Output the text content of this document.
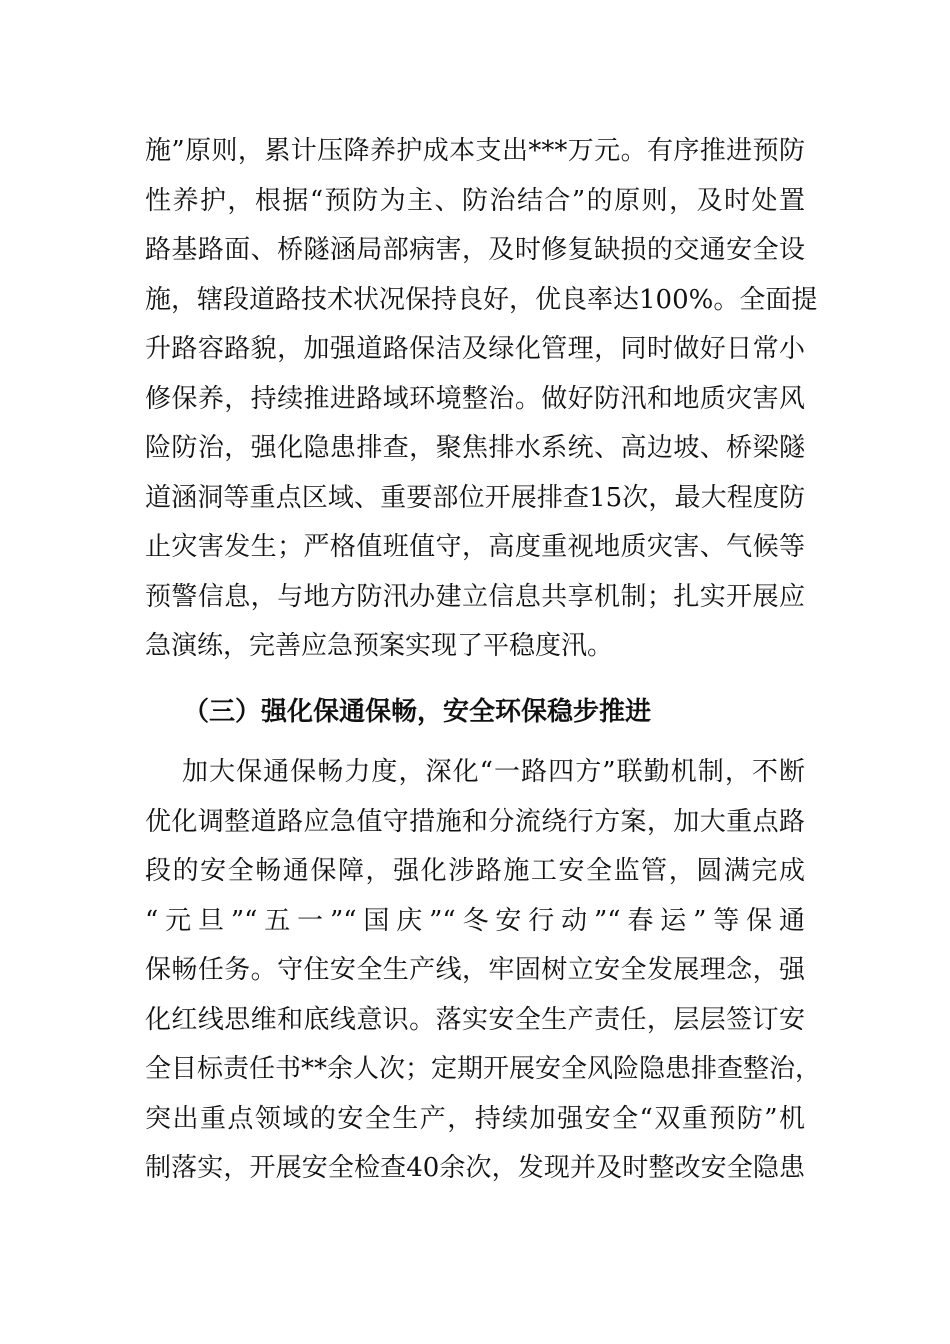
施”原则，累计压降养护成本支出***万元。有序推进预防
性养护，根据“预防为主、防治结合”的原则，及时处置
路基路面、桥隧涵局部病害，及时修复缺损的交通安全设
施，辖段道路技术状况保持良好，优良率达100%。全面提
升路容路貌，加强道路保洁及绿化管理，同时做好日常小
修保养，持续推进路域环境整治。做好防汛和地质灾害风
险防治，强化隐患排查，聚焦排水系统、高边坡、桥梁隧
道涵洞等重点区域、重要部位开展排查15次，最大程度防
止灾害发生；严格值班值守，高度重视地质灾害、气候等
预警信息，与地方防汛办建立信息共享机制；扎实开展应
急演练，完善应急预案实现了平稳度汛。
（三）强化保通保畅，安全环保稳步推进
加大保通保畅力度，深化“一路四方”联勤机制，不断
优化调整道路应急值守措施和分流绕行方案，加大重点路
段的安全畅通保障，强化涉路施工安全监管，圆满完成
“元旦”“五一”“国庆”“冬安行动”“春运”等保通
保畅任务。守住安全生产线，牢固树立安全发展理念，强
化红线思维和底线意识。落实安全生产责任，层层签订安
全目标责任书**余人次；定期开展安全风险隐患排查整治，
突出重点领域的安全生产，持续加强安全“双重预防”机
制落实，开展安全检查40余次，发现并及时整改安全隐患
